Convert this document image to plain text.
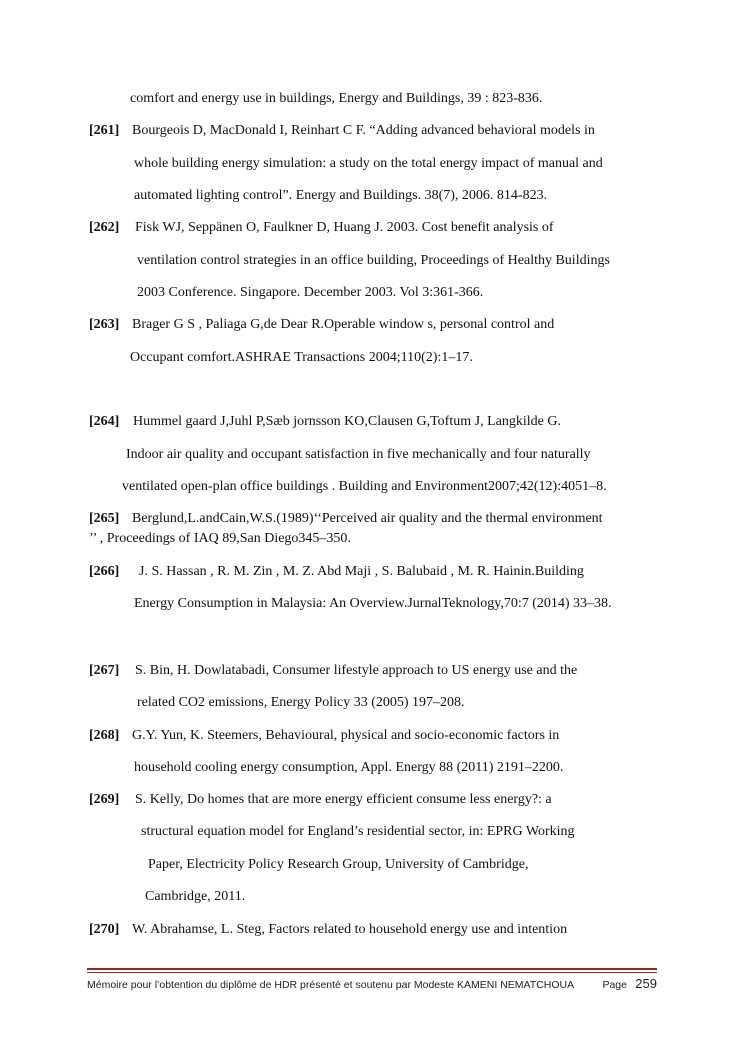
comfort and energy use in buildings, Energy and Buildings, 39 : 823-836.
[261] Bourgeois D, MacDonald I, Reinhart C F. “Adding advanced behavioral models in
whole building energy simulation: a study on the total energy impact of manual and
automated lighting control”. Energy and Buildings. 38(7), 2006. 814-823.
[262] Fisk WJ, Seppänen O, Faulkner D, Huang J. 2003. Cost benefit analysis of
ventilation control strategies in an office building, Proceedings of Healthy Buildings
2003 Conference. Singapore. December 2003. Vol 3:361-366.
[263] Brager G S , Paliaga G,de Dear R.Operable window s, personal control and
Occupant comfort.ASHRAE Transactions 2004;110(2):1–17.
[264] Hummel gaard J,Juhl P,Sæb jornsson KO,Clausen G,Toftum J, Langkilde G.
Indoor air quality and occupant satisfaction in five mechanically and four naturally
ventilated open-plan office buildings . Building and Environment2007;42(12):4051–8.
[265] Berglund,L.andCain,W.S.(1989)‘‘Perceived air quality and the thermal environment
’’ , Proceedings of IAQ 89,San Diego345–350.
[266] J. S. Hassan , R. M. Zin , M. Z. Abd Maji , S. Balubaid , M. R. Hainin.Building
Energy Consumption in Malaysia: An Overview.JurnalTeknology,70:7 (2014) 33–38.
[267] S. Bin, H. Dowlatabadi, Consumer lifestyle approach to US energy use and the
related CO2 emissions, Energy Policy 33 (2005) 197–208.
[268] G.Y. Yun, K. Steemers, Behavioural, physical and socio-economic factors in
household cooling energy consumption, Appl. Energy 88 (2011) 2191–2200.
[269] S. Kelly, Do homes that are more energy efficient consume less energy?: a
structural equation model for England’s residential sector, in: EPRG Working
Paper, Electricity Policy Research Group, University of Cambridge,
Cambridge, 2011.
[270] W. Abrahamse, L. Steg, Factors related to household energy use and intention
Mémoire pour l’obtention du diplôme de HDR présenté et soutenu par Modeste KAMENI NEMATCHOUA	Page 259
